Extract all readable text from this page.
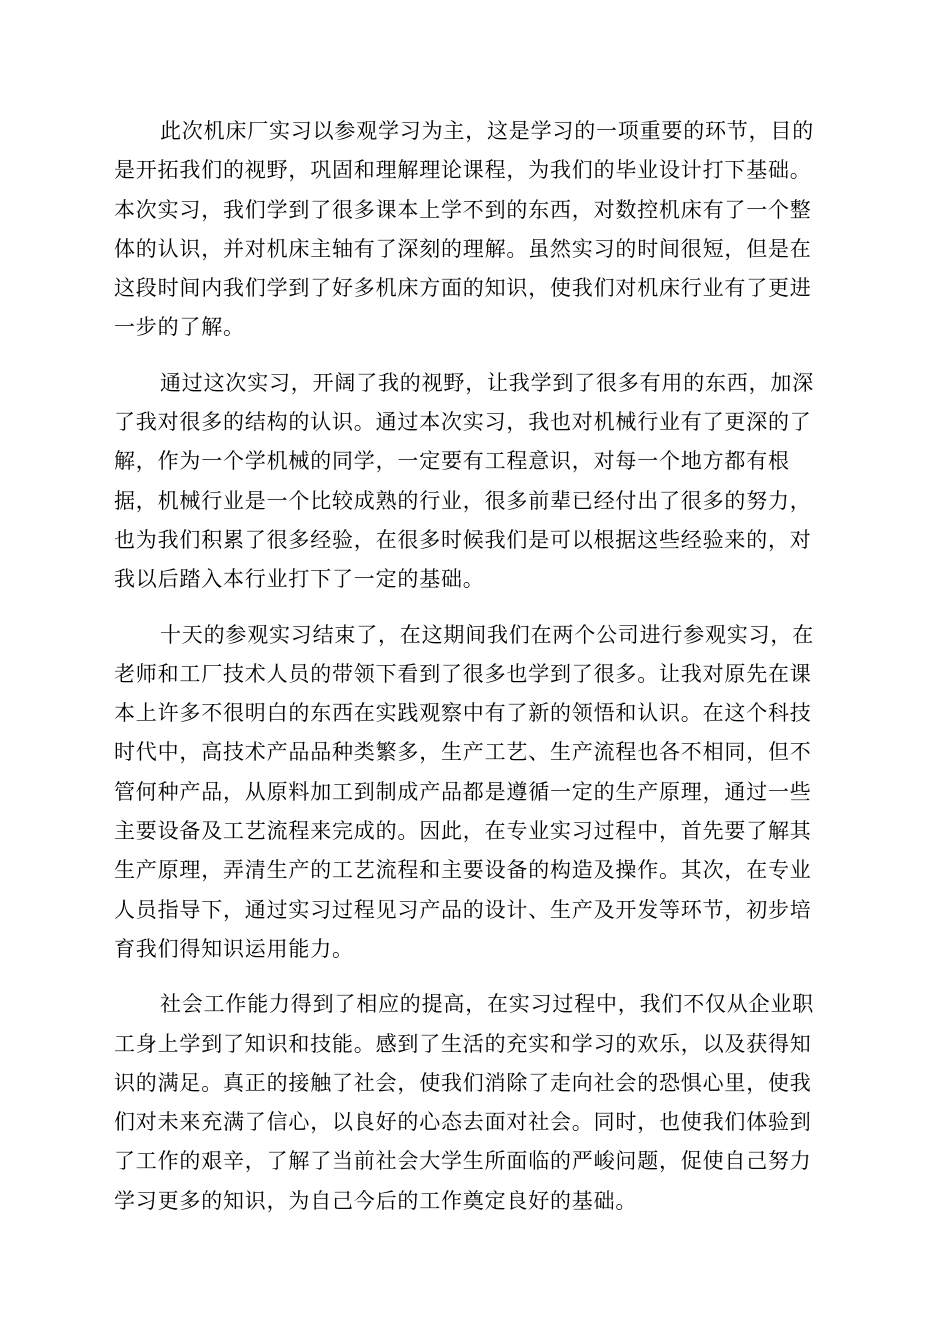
此次机床厂实习以参观学习为主，这是学习的一项重要的环节，目的
是开拓我们的视野，巩固和理解理论课程，为我们的毕业设计打下基础。
本次实习，我们学到了很多课本上学不到的东西，对数控机床有了一个整
体的认识，并对机床主轴有了深刻的理解。虽然实习的时间很短，但是在
这段时间内我们学到了好多机床方面的知识，使我们对机床行业有了更进
一步的了解。

通过这次实习，开阔了我的视野，让我学到了很多有用的东西，加深
了我对很多的结构的认识。通过本次实习，我也对机械行业有了更深的了
解，作为一个学机械的同学，一定要有工程意识，对每一个地方都有根
据，机械行业是一个比较成熟的行业，很多前辈已经付出了很多的努力，
也为我们积累了很多经验，在很多时候我们是可以根据这些经验来的，对
我以后踏入本行业打下了一定的基础。

十天的参观实习结束了，在这期间我们在两个公司进行参观实习，在
老师和工厂技术人员的带领下看到了很多也学到了很多。让我对原先在课
本上许多不很明白的东西在实践观察中有了新的领悟和认识。在这个科技
时代中，高技术产品品种类繁多，生产工艺、生产流程也各不相同，但不
管何种产品，从原料加工到制成产品都是遵循一定的生产原理，通过一些
主要设备及工艺流程来完成的。因此，在专业实习过程中，首先要了解其
生产原理，弄清生产的工艺流程和主要设备的构造及操作。其次，在专业
人员指导下，通过实习过程见习产品的设计、生产及开发等环节，初步培
育我们得知识运用能力。

社会工作能力得到了相应的提高，在实习过程中，我们不仅从企业职
工身上学到了知识和技能。感到了生活的充实和学习的欢乐，以及获得知
识的满足。真正的接触了社会，使我们消除了走向社会的恐惧心里，使我
们对未来充满了信心，以良好的心态去面对社会。同时，也使我们体验到
了工作的艰辛，了解了当前社会大学生所面临的严峻问题，促使自己努力
学习更多的知识，为自己今后的工作奠定良好的基础。
